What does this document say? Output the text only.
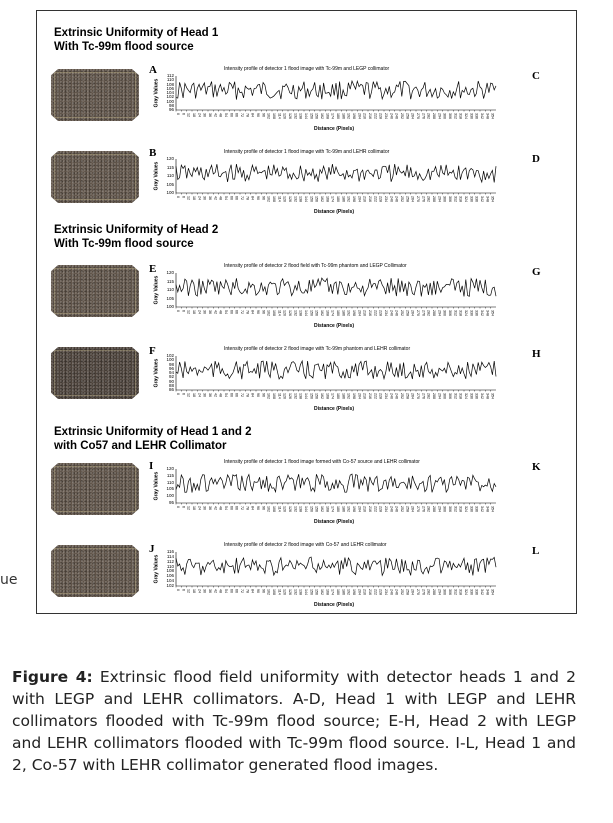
ue
Extrinsic Uniformity of Head 1
With Tc-99m flood source
Extrinsic Uniformity of Head 2
With Tc-99m flood source
Extrinsic Uniformity of Head 1 and 2
with Co57 and LEHR Collimator
A
B
E
F
I
J
C
D
G
H
K
L
Intensity profile of detector 1 flood image with Tc-99m and LEGP collimator
Gray Values
112
110
108
106
104
102
100
98
96
0 6 12 18 24 30 36 42 48 54 60 66 72 78 84 90 96 102 108 114 120 126 132 138 144 150 156 162 168 174 180 186 192 198 204 210 216 222 228 234 240 246 252 258 264 270 276 282 288 294 300 306 312 318 324 330 336 342 348 354
Distance (Pixels)
Intensity profile of detector 1 flood image with Tc-99m and LEHR collimator
Gray Values
120
115
110
105
100
0 6 12 18 24 30 36 42 48 54 60 66 72 78 84 90 96 102 108 114 120 126 132 138 144 150 156 162 168 174 180 186 192 198 204 210 216 222 228 234 240 246 252 258 264 270 276 282 288 294 300 306 312 318 324 330 336 342 348 354
Distance (Pixels)
Intensity profile of detector 2 flood field with Tc-99m phantom and LEGP Collimator
Gray Values
120
115
110
105
100
0 6 12 18 24 30 36 42 48 54 60 66 72 78 84 90 96 102 108 114 120 126 132 138 144 150 156 162 168 174 180 186 192 198 204 210 216 222 228 234 240 246 252 258 264 270 276 282 288 294 300 306 312 318 324 330 336 342 348 354
Distance (Pixels)
Intensity profile of detector 2 flood image with Tc-99m phantom and LEHR collimator
Gray Values
102
100
98
96
94
92
90
88
86
0 6 12 18 24 30 36 42 48 54 60 66 72 78 84 90 96 102 108 114 120 126 132 138 144 150 156 162 168 174 180 186 192 198 204 210 216 222 228 234 240 246 252 258 264 270 276 282 288 294 300 306 312 318 324 330 336 342 348 354
Distance (Pixels)
Intensity profile of detector 1 flood image formed with Co-57 source and LEHR collimator
Gray Values
120
115
110
105
100
95
0 6 12 18 24 30 36 42 48 54 60 66 72 78 84 90 96 102 108 114 120 126 132 138 144 150 156 162 168 174 180 186 192 198 204 210 216 222 228 234 240 246 252 258 264 270 276 282 288 294 300 306 312 318 324 330 336 342 348 354
Distance (Pixels)
Intensity profile of detector 2 flood image with Co-57 and LEHR collimator
Gray Values
116
114
112
110
108
106
104
102
0 6 12 18 24 30 36 42 48 54 60 66 72 78 84 90 96 102 108 114 120 126 132 138 144 150 156 162 168 174 180 186 192 198 204 210 216 222 228 234 240 246 252 258 264 270 276 282 288 294 300 306 312 318 324 330 336 342 348 354
Distance (Pixels)
Figure 4: Extrinsic flood field uniformity with detector heads 1 and 2 with LEGP and LEHR collimators. A-D, Head 1 with LEGP and LEHR collimators flooded with Tc-99m flood source; E-H, Head 2 with LEGP and LEHR collimators flooded with Tc-99m flood source. I-L, Head 1 and 2, Co-57 with LEHR collimator generated flood images.
